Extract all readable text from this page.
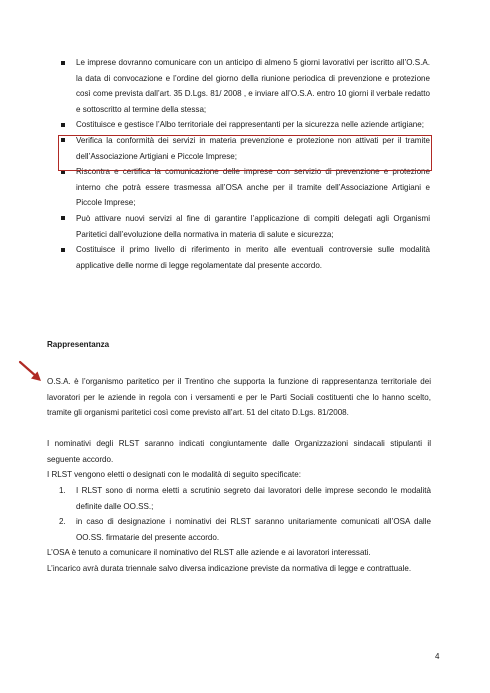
Le imprese dovranno comunicare con un anticipo di almeno 5 giorni lavorativi per iscritto all’O.S.A. la data di convocazione e l’ordine del giorno della riunione periodica di prevenzione e protezione così come prevista dall’art. 35 D.Lgs. 81/ 2008 , e inviare all’O.S.A. entro 10 giorni il verbale redatto e sottoscritto al termine della stessa;
Costituisce e gestisce l’Albo territoriale dei rappresentanti per la sicurezza nelle aziende artigiane;
Verifica la conformità dei servizi in materia prevenzione e protezione non attivati per il tramite dell’Associazione Artigiani e Piccole Imprese;
Riscontra e certifica la comunicazione delle imprese con servizio di prevenzione e protezione interno che potrà essere trasmessa all’OSA anche per il tramite dell’Associazione Artigiani e Piccole Imprese;
Può attivare nuovi servizi al fine di garantire l’applicazione di compiti delegati agli Organismi Paritetici dall’evoluzione della normativa in materia di salute e sicurezza;
Costituisce il primo livello di riferimento in merito alle eventuali controversie sulle modalità applicative delle norme di legge regolamentate dal presente accordo.
Rappresentanza

O.S.A. è l’organismo paritetico per il Trentino che supporta la funzione di rappresentanza territoriale dei lavoratori per le aziende in regola con i versamenti e per le Parti Sociali costituenti che lo hanno scelto, tramite gli organismi paritetici così come previsto all’art. 51 del citato D.Lgs. 81/2008.

I nominativi degli RLST saranno indicati congiuntamente dalle Organizzazioni sindacali stipulanti il seguente accordo.

I RLST vengono eletti o designati con le modalità di seguito specificate:

1. I RLST sono di norma eletti a scrutinio segreto dai lavoratori delle imprese secondo le modalità definite dalle OO.SS.;
2. in caso di designazione i nominativi dei RLST saranno unitariamente comunicati all’OSA dalle OO.SS. firmatarie del presente accordo.

L’OSA è tenuto a comunicare il nominativo del RLST alle aziende e ai lavoratori interessati.

L’incarico avrà durata triennale salvo diversa indicazione previste da normativa di legge e contrattuale.

4
